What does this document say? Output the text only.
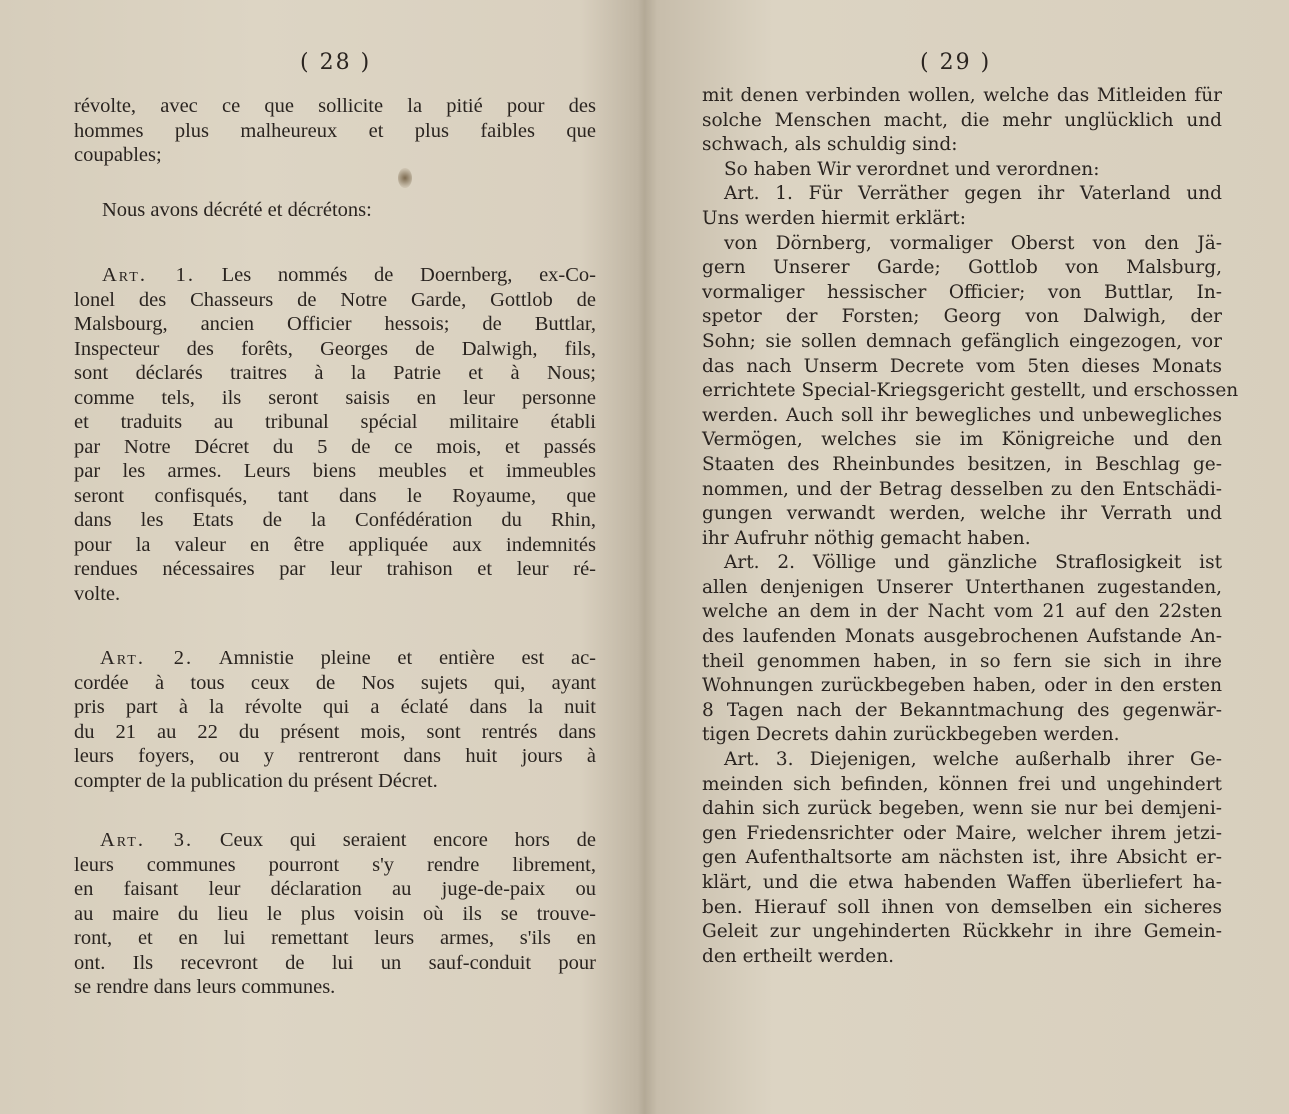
( 28 )
révolte, avec ce que sollicite la pitié pour des
hommes plus malheureux et plus faibles que
coupables;
Nous avons décrété et décrétons:
Art. 1. Les nommés de Doernberg, ex-Co-
lonel des Chasseurs de Notre Garde, Gottlob de
Malsbourg, ancien Officier hessois; de Buttlar,
Inspecteur des forêts, Georges de Dalwigh, fils,
sont déclarés traitres à la Patrie et à Nous;
comme tels, ils seront saisis en leur personne
et traduits au tribunal spécial militaire établi
par Notre Décret du 5 de ce mois, et passés
par les armes. Leurs biens meubles et immeubles
seront confisqués, tant dans le Royaume, que
dans les Etats de la Confédération du Rhin,
pour la valeur en être appliquée aux indemnités
rendues nécessaires par leur trahison et leur ré-
volte.
Art. 2. Amnistie pleine et entière est ac-
cordée à tous ceux de Nos sujets qui, ayant
pris part à la révolte qui a éclaté dans la nuit
du 21 au 22 du présent mois, sont rentrés dans
leurs foyers, ou y rentreront dans huit jours à
compter de la publication du présent Décret.
Art. 3. Ceux qui seraient encore hors de
leurs communes pourront s'y rendre librement,
en faisant leur déclaration au juge-de-paix ou
au maire du lieu le plus voisin où ils se trouve-
ront, et en lui remettant leurs armes, s'ils en
ont. Ils recevront de lui un sauf-conduit pour
se rendre dans leurs communes.
( 29 )
mit denen verbinden wollen, welche das Mitleiden für
solche Menschen macht, die mehr unglücklich und
schwach, als schuldig sind:
So haben Wir verordnet und verordnen:
Art. 1. Für Verräther gegen ihr Vaterland und
Uns werden hiermit erklärt:
von Dörnberg, vormaliger Oberst von den Jä-
gern Unserer Garde; Gottlob von Malsburg,
vormaliger hessischer Officier; von Buttlar, In-
spetor der Forsten; Georg von Dalwigh, der
Sohn; sie sollen demnach gefänglich eingezogen, vor
das nach Unserm Decrete vom 5ten dieses Monats
errichtete Special-Kriegsgericht gestellt, und erschossen
werden. Auch soll ihr bewegliches und unbewegliches
Vermögen, welches sie im Königreiche und den
Staaten des Rheinbundes besitzen, in Beschlag ge-
nommen, und der Betrag desselben zu den Entschädi-
gungen verwandt werden, welche ihr Verrath und
ihr Aufruhr nöthig gemacht haben.
Art. 2. Völlige und gänzliche Straflosigkeit ist
allen denjenigen Unserer Unterthanen zugestanden,
welche an dem in der Nacht vom 21 auf den 22sten
des laufenden Monats ausgebrochenen Aufstande An-
theil genommen haben, in so fern sie sich in ihre
Wohnungen zurückbegeben haben, oder in den ersten
8 Tagen nach der Bekanntmachung des gegenwär-
tigen Decrets dahin zurückbegeben werden.
Art. 3. Diejenigen, welche außerhalb ihrer Ge-
meinden sich befinden, können frei und ungehindert
dahin sich zurück begeben, wenn sie nur bei demjeni-
gen Friedensrichter oder Maire, welcher ihrem jetzi-
gen Aufenthaltsorte am nächsten ist, ihre Absicht er-
klärt, und die etwa habenden Waffen überliefert ha-
ben. Hierauf soll ihnen von demselben ein sicheres
Geleit zur ungehinderten Rückkehr in ihre Gemein-
den ertheilt werden.
